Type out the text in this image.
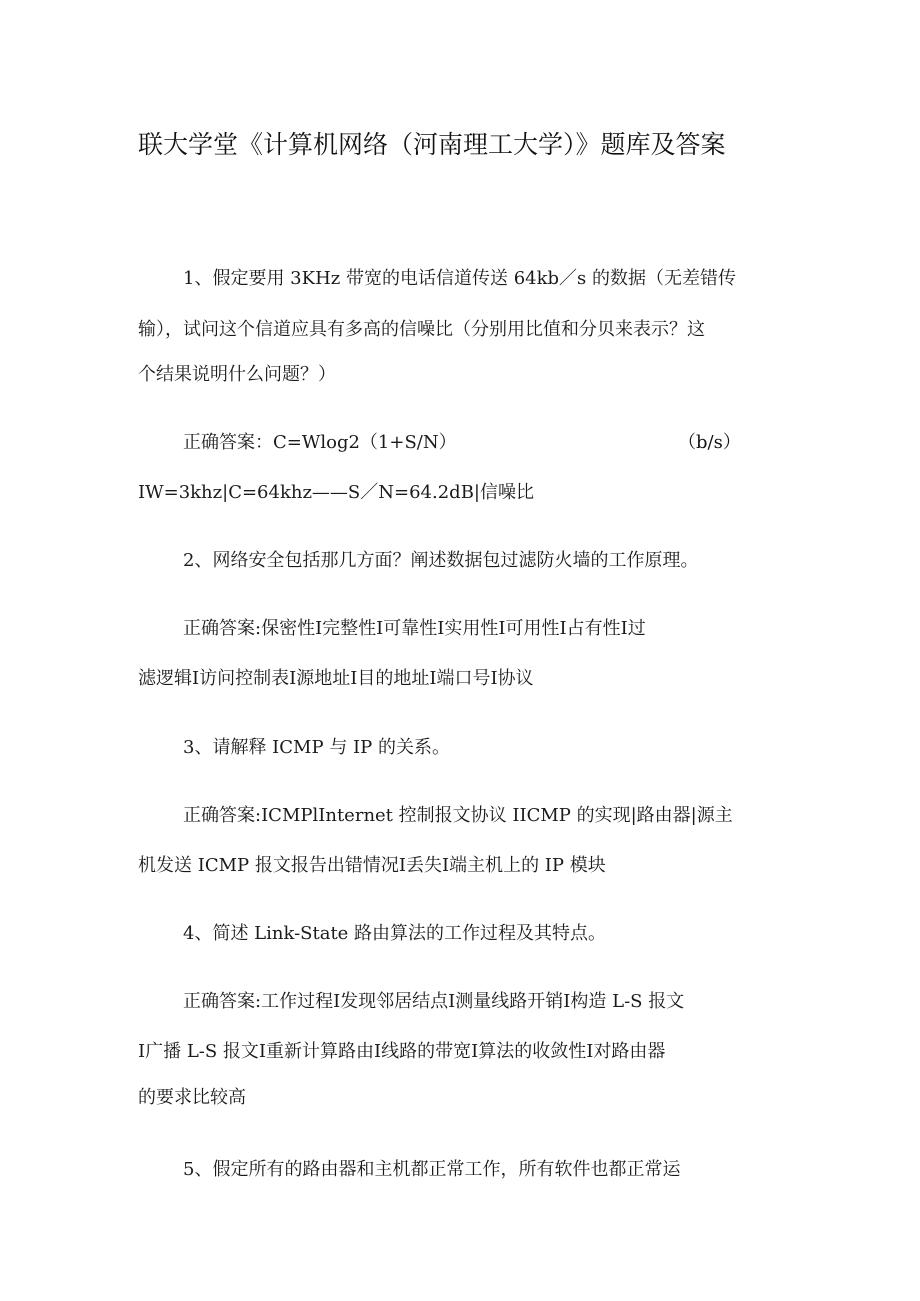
联大学堂《计算机网络（河南理工大学）》题库及答案
1、假定要用 3KHz 带宽的电话信道传送 64kb／s 的数据（无差错传
输），试问这个信道应具有多高的信噪比（分别用比值和分贝来表示？这
个结果说明什么问题？）
正确答案：C=Wlog2（1+S/N）	（b/s）
IW=3khz|C=64khz——S／N=64.2dB|信噪比
2、网络安全包括那几方面？阐述数据包过滤防火墙的工作原理。
正确答案:保密性I完整性I可靠性I实用性I可用性I占有性I过
滤逻辑I访问控制表I源地址I目的地址I端口号I协议
3、请解释 ICMP 与 IP 的关系。
正确答案:ICMPlInternet 控制报文协议 IICMP 的实现|路由器|源主
机发送 ICMP 报文报告出错情况I丢失I端主机上的 IP 模块
4、简述 Link-State 路由算法的工作过程及其特点。
正确答案:工作过程I发现邻居结点I测量线路开销I构造 L-S 报文
I广播 L-S 报文I重新计算路由I线路的带宽I算法的收敛性I对路由器
的要求比较高
5、假定所有的路由器和主机都正常工作，所有软件也都正常运
